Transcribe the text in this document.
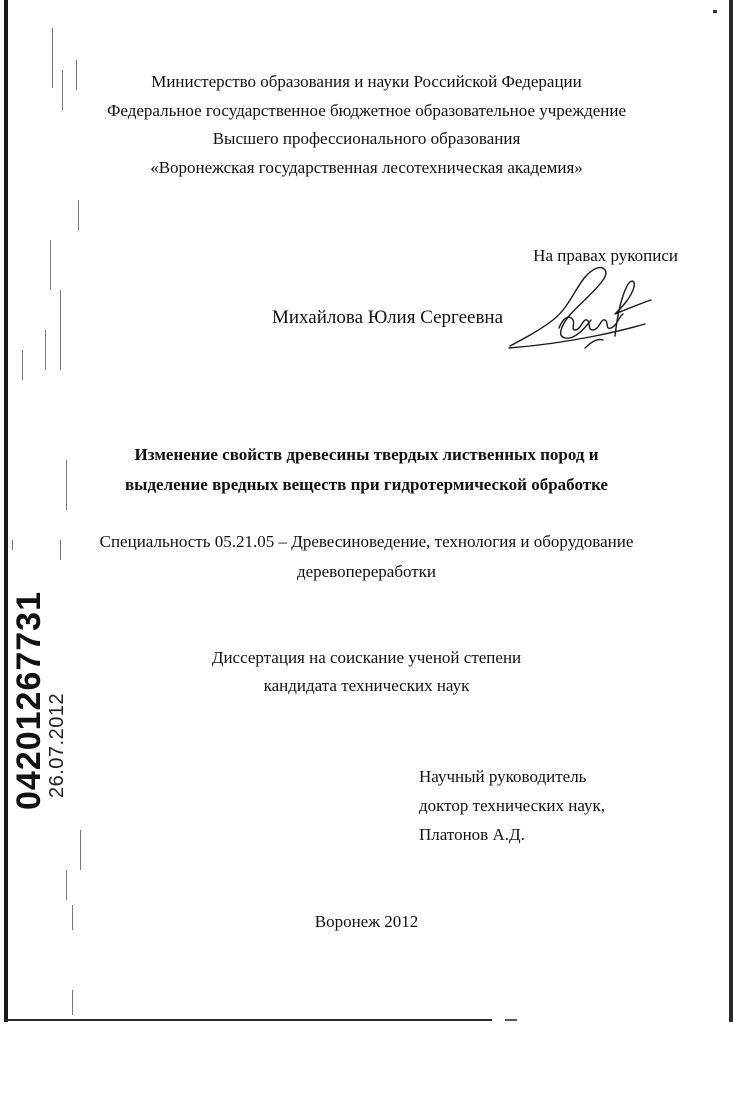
Министерство образования и науки Российской Федерации
Федеральное государственное бюджетное образовательное учреждение
Высшего профессионального образования
«Воронежская государственная лесотехническая академия»
На правах рукописи
Михайлова Юлия Сергеевна
Изменение свойств древесины твердых лиственных пород и
выделение вредных веществ при гидротермической обработке
Специальность 05.21.05 – Древесиноведение, технология и оборудование
деревопереработки
Диссертация на соискание ученой степени
кандидата технических наук
Научный руководитель
доктор технических наук,
Платонов А.Д.
Воронеж 2012
04201267731
26.07.2012
